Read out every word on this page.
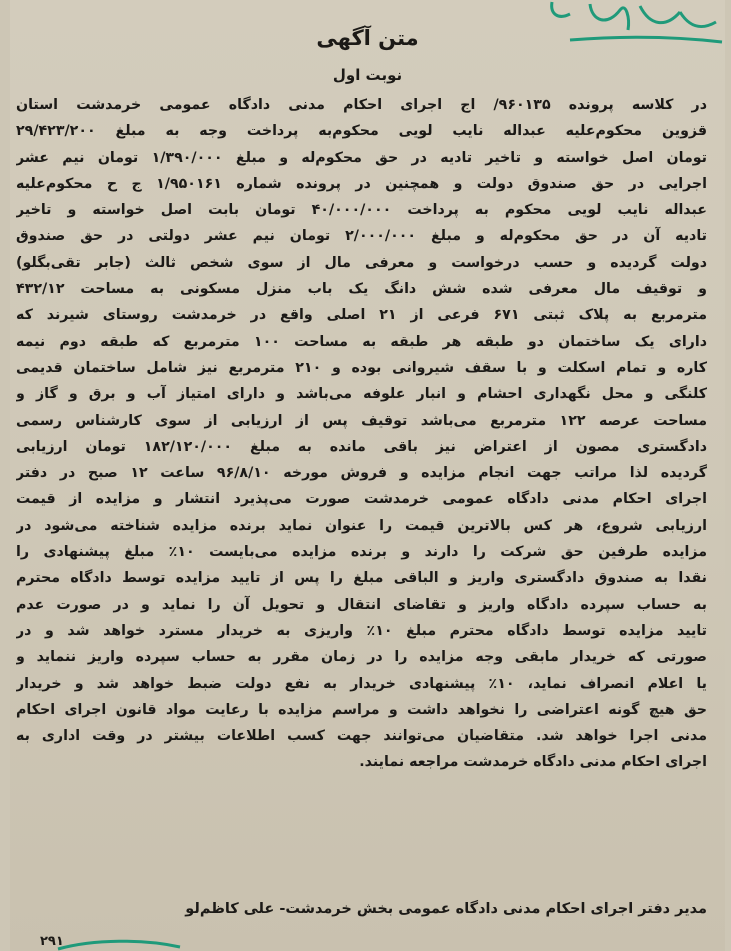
متن آگهی
نوبت اول
در کلاسه پرونده ۹۶۰۱۳۵/ اج اجرای احکام مدنی دادگاه عمومی خرمدشت استان
قزوین محکوم‌علیه عبداله نایب لویی محکوم‌به پرداخت وجه به مبلغ ۲۹/۴۲۳/۲۰۰
تومان اصل خواسته و تاخیر تادیه در حق محکوم‌له و مبلغ ۱/۳۹۰/۰۰۰ تومان نیم عشر
اجرایی در حق صندوق دولت و همچنین در پرونده شماره ۱/۹۵۰۱۶۱ ج ح محکوم‌علیه
عبداله نایب لویی محکوم به پرداخت ۴۰/۰۰۰/۰۰۰ تومان بابت اصل خواسته و تاخیر
تادیه آن در حق محکوم‌له و مبلغ ۲/۰۰۰/۰۰۰ تومان نیم عشر دولتی در حق صندوق
دولت گردیده و حسب درخواست و معرفی مال از سوی شخص ثالث (جابر تقی‌بگلو)
و توقیف مال معرفی شده شش دانگ یک باب منزل مسکونی به مساحت ۴۳۲/۱۲
مترمربع به پلاک ثبتی ۶۷۱ فرعی از ۲۱ اصلی واقع در خرمدشت روستای شیرند که
دارای یک ساختمان دو طبقه هر طبقه به مساحت ۱۰۰ مترمربع که طبقه دوم نیمه
کاره و تمام اسکلت و با سقف شیروانی بوده و ۲۱۰ مترمربع نیز شامل ساختمان قدیمی
کلنگی و محل نگهداری احشام و انبار علوفه می‌باشد و دارای امتیاز آب و برق و گاز و
مساحت عرصه ۱۲۲ مترمربع می‌باشد توقیف پس از ارزیابی از سوی کارشناس رسمی
دادگستری مصون از اعتراض نیز باقی مانده به مبلغ ۱۸۲/۱۲۰/۰۰۰ تومان ارزیابی
گردیده لذا مراتب جهت انجام مزایده و فروش مورخه ۹۶/۸/۱۰ ساعت ۱۲ صبح در دفتر
اجرای احکام مدنی دادگاه عمومی خرمدشت صورت می‌پذیرد انتشار و مزایده از قیمت
ارزیابی شروع، هر کس بالاترین قیمت را عنوان نماید برنده مزایده شناخته می‌شود در
مزایده طرفین حق شرکت را دارند و برنده مزایده می‌بایست ۱۰٪ مبلغ پیشنهادی را
نقدا به صندوق دادگستری واریز و الباقی مبلغ را پس از تایید مزایده توسط دادگاه محترم
به حساب سپرده دادگاه واریز و تقاضای انتقال و تحویل آن را نماید و در صورت عدم
تایید مزایده توسط دادگاه محترم مبلغ ۱۰٪ واریزی به خریدار مسترد خواهد شد و در
صورتی که خریدار مابقی وجه مزایده را در زمان مقرر به حساب سپرده واریز ننماید و
یا اعلام انصراف نماید، ۱۰٪ پیشنهادی خریدار به نفع دولت ضبط خواهد شد و خریدار
حق هیچ گونه اعتراضی را نخواهد داشت و مراسم مزایده با رعایت مواد قانون اجرای احکام
مدنی اجرا خواهد شد. متقاضیان می‌توانند جهت کسب اطلاعات بیشتر در وقت اداری به
اجرای احکام مدنی دادگاه خرمدشت مراجعه نمایند.
مدیر دفتر اجرای احکام مدنی دادگاه عمومی بخش خرمدشت- علی کاظم‌لو
۲۹۱
